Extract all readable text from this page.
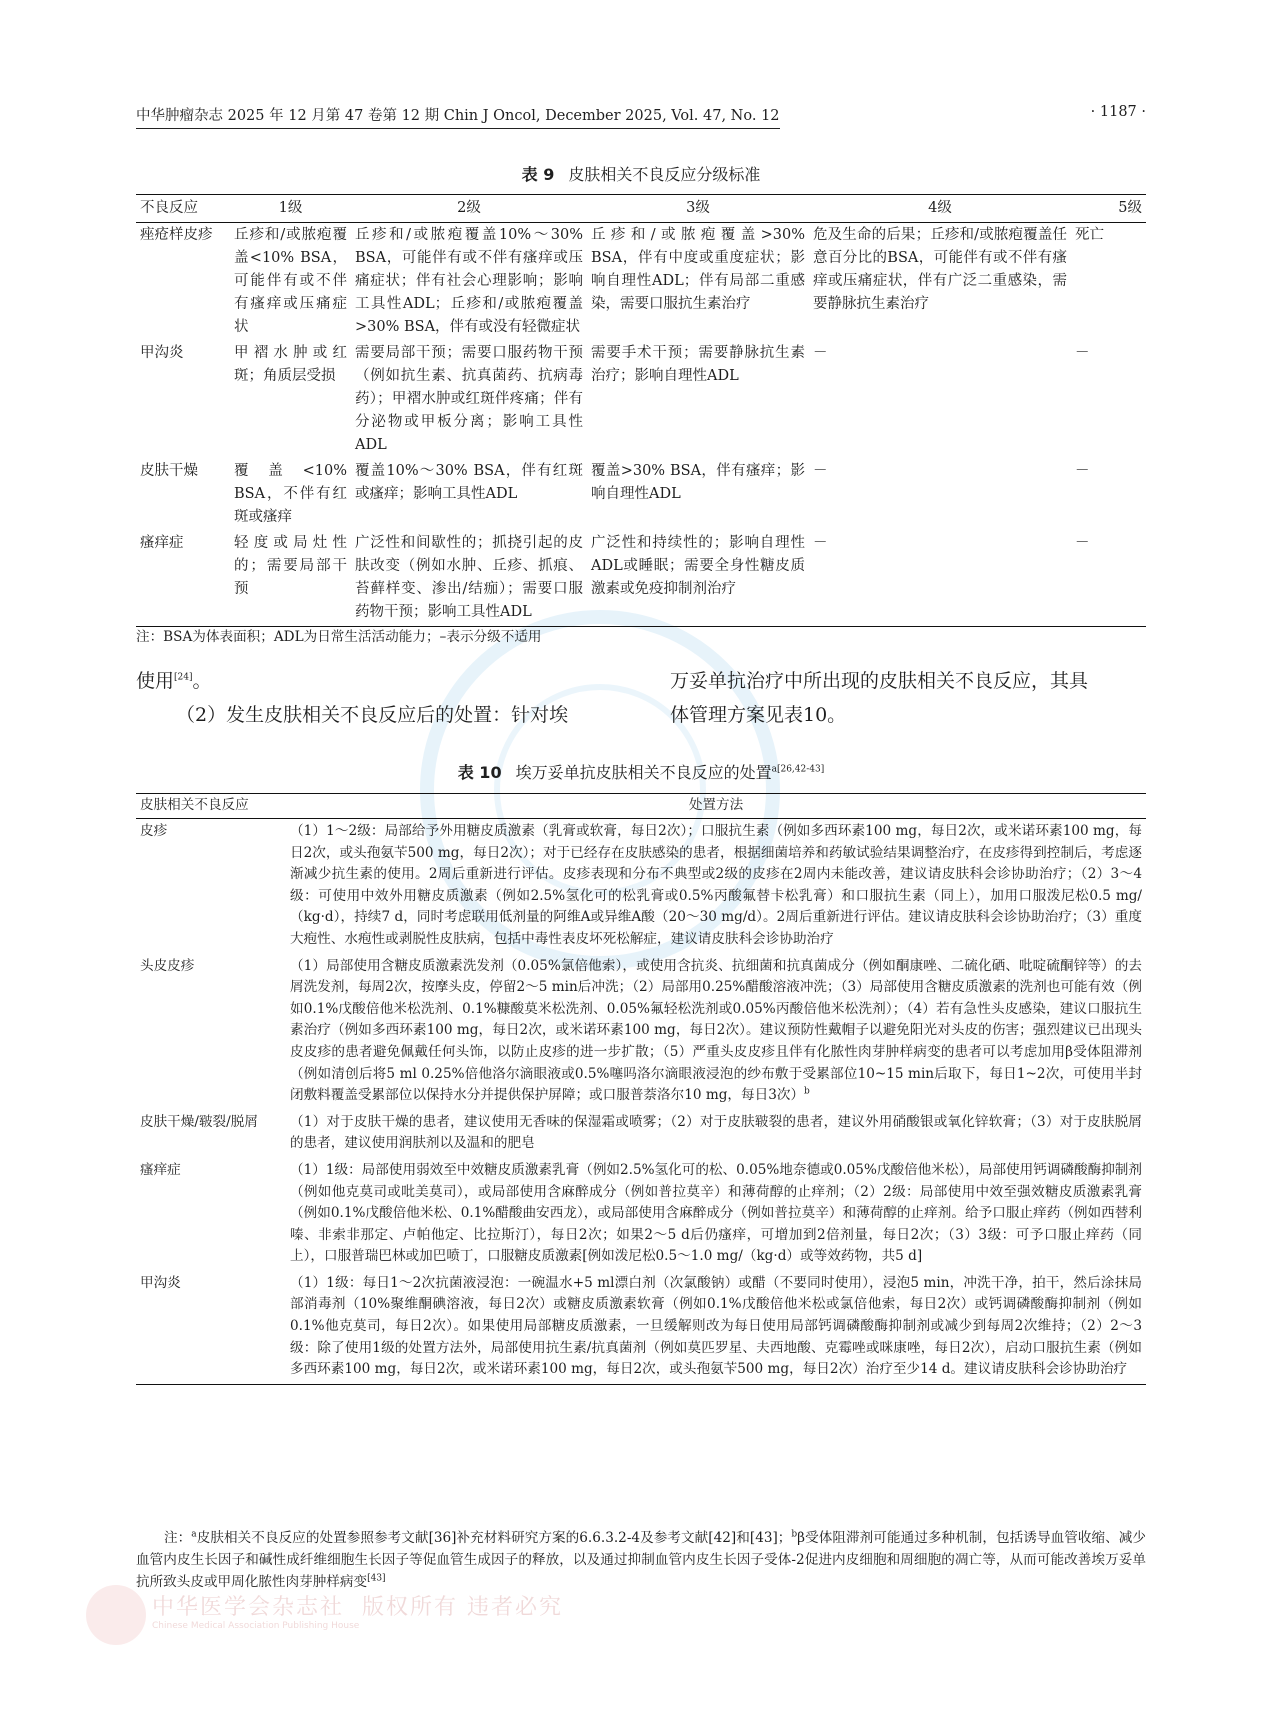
中华肿瘤杂志 2025 年 12 月第 47 卷第 12 期 Chin J Oncol, December 2025, Vol. 47, No. 12	· 1187 ·
表 9 皮肤相关不良反应分级标准
不良反应	1级	2级	3级	4级	5级
痤疮样皮疹	丘疹和/或脓疱覆盖<10% BSA，可能伴有或不伴有瘙痒或压痛症状	丘疹和/或脓疱覆盖10%～30% BSA，可能伴有或不伴有瘙痒或压痛症状；伴有社会心理影响；影响工具性ADL；丘疹和/或脓疱覆盖>30% BSA，伴有或没有轻微症状	丘疹和/或脓疱覆盖>30% BSA，伴有中度或重度症状；影响自理性ADL；伴有局部二重感染，需要口服抗生素治疗	危及生命的后果；丘疹和/或脓疱覆盖任意百分比的BSA，可能伴有或不伴有瘙痒或压痛症状，伴有广泛二重感染，需要静脉抗生素治疗	死亡
甲沟炎	甲褶水肿或红斑；角质层受损	需要局部干预；需要口服药物干预（例如抗生素、抗真菌药、抗病毒药）；甲褶水肿或红斑伴疼痛；伴有分泌物或甲板分离；影响工具性ADL	需要手术干预；需要静脉抗生素治疗；影响自理性ADL	－	－
皮肤干燥	覆盖<10% BSA，不伴有红斑或瘙痒	覆盖10%～30% BSA，伴有红斑或瘙痒；影响工具性ADL	覆盖>30% BSA，伴有瘙痒；影响自理性ADL	－	－
瘙痒症	轻度或局灶性的；需要局部干预	广泛性和间歇性的；抓挠引起的皮肤改变（例如水肿、丘疹、抓痕、苔藓样变、渗出/结痂）；需要口服药物干预；影响工具性ADL	广泛性和持续性的；影响自理性ADL或睡眠；需要全身性糖皮质激素或免疫抑制剂治疗	－	－
注：BSA为体表面积；ADL为日常生活活动能力；–表示分级不适用
使用[24]。
（2）发生皮肤相关不良反应后的处置：针对埃
万妥单抗治疗中所出现的皮肤相关不良反应，其具
体管理方案见表10。
表 10 埃万妥单抗皮肤相关不良反应的处置$^{a[26,42-43]}$
皮肤相关不良反应	处置方法
皮疹	（1）1～2级：局部给予外用糖皮质激素（乳膏或软膏，每日2次）；口服抗生素（例如多西环素100 mg，每日2次，或米诺环素100 mg，每日2次，或头孢氨苄500 mg，每日2次）；对于已经存在皮肤感染的患者，根据细菌培养和药敏试验结果调整治疗，在皮疹得到控制后，考虑逐渐减少抗生素的使用。2周后重新进行评估。皮疹表现和分布不典型或2级的皮疹在2周内未能改善，建议请皮肤科会诊协助治疗；（2）3～4级：可使用中效外用糖皮质激素（例如2.5%氢化可的松乳膏或0.5%丙酸氟替卡松乳膏）和口服抗生素（同上），加用口服泼尼松0.5 mg/（kg·d），持续7 d，同时考虑联用低剂量的阿维A或异维A酸（20～30 mg/d）。2周后重新进行评估。建议请皮肤科会诊协助治疗；（3）重度大疱性、水疱性或剥脱性皮肤病，包括中毒性表皮坏死松解症，建议请皮肤科会诊协助治疗
头皮皮疹	（1）局部使用含糖皮质激素洗发剂（0.05%氯倍他索），或使用含抗炎、抗细菌和抗真菌成分（例如酮康唑、二硫化硒、吡啶硫酮锌等）的去屑洗发剂，每周2次，按摩头皮，停留2～5 min后冲洗；（2）局部用0.25%醋酸溶液冲洗；（3）局部使用含糖皮质激素的洗剂也可能有效（例如0.1%戊酸倍他米松洗剂、0.1%糠酸莫米松洗剂、0.05%氟轻松洗剂或0.05%丙酸倍他米松洗剂）；（4）若有急性头皮感染，建议口服抗生素治疗（例如多西环素100 mg，每日2次，或米诺环素100 mg，每日2次）。建议预防性戴帽子以避免阳光对头皮的伤害；强烈建议已出现头皮皮疹的患者避免佩戴任何头饰，以防止皮疹的进一步扩散；（5）严重头皮皮疹且伴有化脓性肉芽肿样病变的患者可以考虑加用β受体阻滞剂（例如清创后将5 ml 0.25%倍他洛尔滴眼液或0.5%噻吗洛尔滴眼液浸泡的纱布敷于受累部位10~15 min后取下，每日1~2次，可使用半封闭敷料覆盖受累部位以保持水分并提供保护屏障；或口服普萘洛尔10 mg，每日3次）$^b$
皮肤干燥/皲裂/脱屑	（1）对于皮肤干燥的患者，建议使用无香味的保湿霜或喷雾；（2）对于皮肤皲裂的患者，建议外用硝酸银或氧化锌软膏；（3）对于皮肤脱屑的患者，建议使用润肤剂以及温和的肥皂
瘙痒症	（1）1级：局部使用弱效至中效糖皮质激素乳膏（例如2.5%氢化可的松、0.05%地奈德或0.05%戊酸倍他米松），局部使用钙调磷酸酶抑制剂（例如他克莫司或吡美莫司），或局部使用含麻醉成分（例如普拉莫辛）和薄荷醇的止痒剂；（2）2级：局部使用中效至强效糖皮质激素乳膏（例如0.1%戊酸倍他米松、0.1%醋酸曲安西龙），或局部使用含麻醉成分（例如普拉莫辛）和薄荷醇的止痒剂。给予口服止痒药（例如西替利嗪、非索非那定、卢帕他定、比拉斯汀），每日2次；如果2～5 d后仍瘙痒，可增加到2倍剂量，每日2次；（3）3级：可予口服止痒药（同上），口服普瑞巴林或加巴喷丁，口服糖皮质激素[例如泼尼松0.5～1.0 mg/（kg·d）或等效药物，共5 d]
甲沟炎	（1）1级：每日1～2次抗菌液浸泡：一碗温水+5 ml漂白剂（次氯酸钠）或醋（不要同时使用），浸泡5 min，冲洗干净，拍干，然后涂抹局部消毒剂（10%聚维酮碘溶液，每日2次）或糖皮质激素软膏（例如0.1%戊酸倍他米松或氯倍他索，每日2次）或钙调磷酸酶抑制剂（例如0.1%他克莫司，每日2次）。如果使用局部糖皮质激素，一旦缓解则改为每日使用局部钙调磷酸酶抑制剂或减少到每周2次维持；（2）2～3级：除了使用1级的处置方法外，局部使用抗生素/抗真菌剂（例如莫匹罗星、夫西地酸、克霉唑或咪康唑，每日2次），启动口服抗生素（例如多西环素100 mg，每日2次，或米诺环素100 mg，每日2次，或头孢氨苄500 mg，每日2次）治疗至少14 d。建议请皮肤科会诊协助治疗
注：$^a$皮肤相关不良反应的处置参照参考文献[36]补充材料研究方案的6.6.3.2-4及参考文献[42]和[43]；$^b$β受体阻滞剂可能通过多种机制，包括诱导血管收缩、减少血管内皮生长因子和碱性成纤维细胞生长因子等促血管生成因子的释放，以及通过抑制血管内皮生长因子受体-2促进内皮细胞和周细胞的凋亡等，从而可能改善埃万妥单抗所致头皮或甲周化脓性肉芽肿样病变[43]
中华医学会杂志社 版权所有 违者必究
Chinese Medical Association Publishing House
